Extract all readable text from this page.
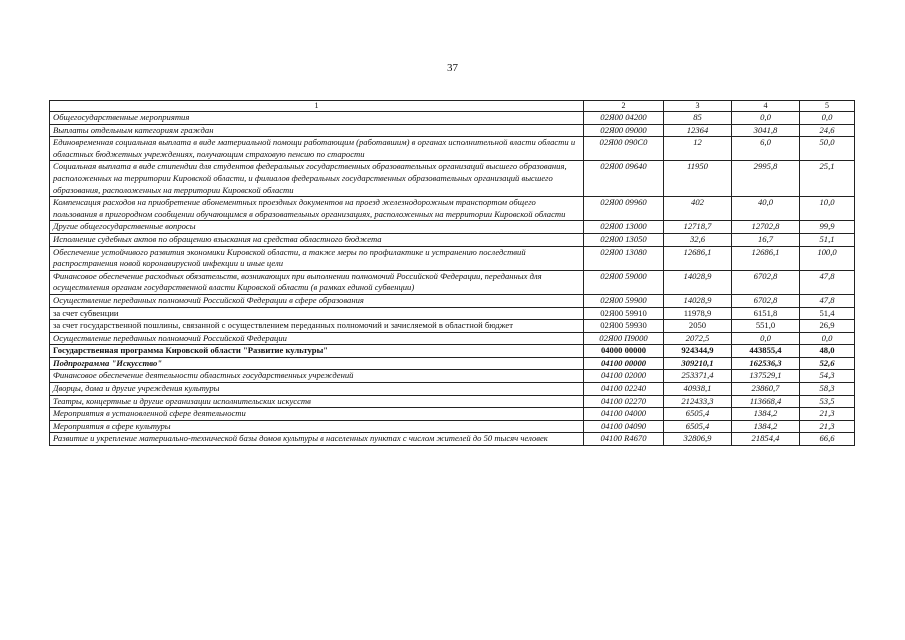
37
1	2	3	4	5
Общегосударственные мероприятия	02Я00 04200	85	0,0	0,0
Выплаты отдельным категориям граждан	02Я00 09000	12364	3041,8	24,6
Единовременная социальная выплата в виде материальной помощи работающим (работавшим) в органах исполнительной власти области и областных бюджетных учреждениях, получающим страховую пенсию по старости	02Я00 090С0	12	6,0	50,0
Социальная выплата в виде стипендии для студентов федеральных государственных образовательных организаций высшего образования, расположенных на территории Кировской области, и филиалов федеральных государственных образовательных организаций высшего образования, расположенных на территории Кировской области	02Я00 09640	11950	2995,8	25,1
Компенсация расходов на приобретение абонементных проездных документов на проезд железнодорожным транспортом общего пользования в пригородном сообщении обучающимся в образовательных организациях, расположенных на территории Кировской области	02Я00 09960	402	40,0	10,0
Другие общегосударственные вопросы	02Я00 13000	12718,7	12702,8	99,9
Исполнение судебных актов по обращению взыскания на средства областного бюджета	02Я00 13050	32,6	16,7	51,1
Обеспечение устойчивого развития экономики Кировской области, а также меры по профилактике и устранению последствий распространения новой коронавирусной инфекции и иные цели	02Я00 13080	12686,1	12686,1	100,0
Финансовое обеспечение расходных обязательств, возникающих при выполнении полномочий Российской Федерации, переданных для осуществления органам государственной власти Кировской области (в рамках единой субвенции)	02Я00 59000	14028,9	6702,8	47,8
Осуществление переданных полномочий Российской Федерации в сфере образования	02Я00 59900	14028,9	6702,8	47,8
за счет субвенции	02Я00 59910	11978,9	6151,8	51,4
за счет государственной пошлины, связанной с осуществлением переданных полномочий и зачисляемой в областной бюджет	02Я00 59930	2050	551,0	26,9
Осуществление переданных полномочий Российской Федерации	02Я00 П9000	2072,5	0,0	0,0
Государственная программа Кировской области "Развитие культуры"	04000 00000	924344,9	443855,4	48,0
Подпрограмма "Искусство"	04100 00000	309210,1	162536,3	52,6
Финансовое обеспечение деятельности областных государственных учреждений	04100 02000	253371,4	137529,1	54,3
Дворцы, дома и другие учреждения культуры	04100 02240	40938,1	23860,7	58,3
Театры, концертные и другие организации исполнительских искусств	04100 02270	212433,3	113668,4	53,5
Мероприятия в установленной сфере деятельности	04100 04000	6505,4	1384,2	21,3
Мероприятия в сфере культуры	04100 04090	6505,4	1384,2	21,3
Развитие и укрепление материально-технической базы домов культуры в населенных пунктах с числом жителей до 50 тысяч человек	04100 R4670	32806,9	21854,4	66,6
